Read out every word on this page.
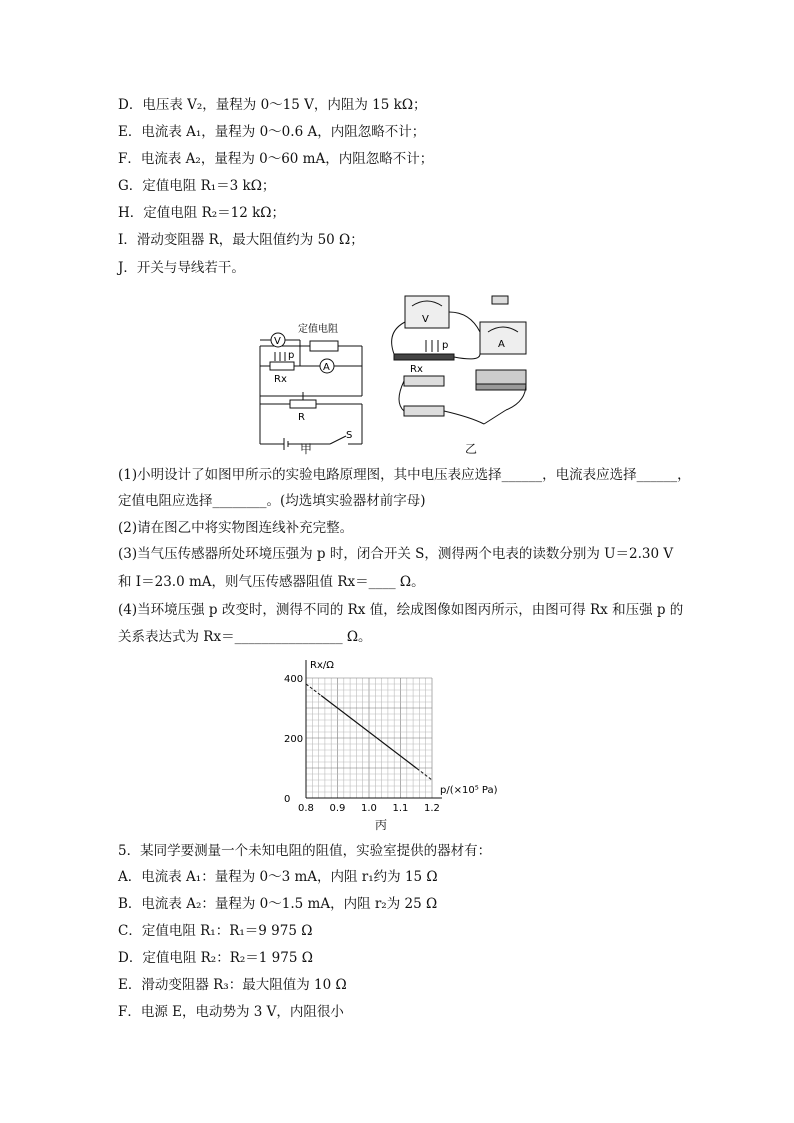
D．电压表 V₂，量程为 0～15 V，内阻为 15 kΩ；
E．电流表 A₁，量程为 0～0.6 A，内阻忽略不计；
F．电流表 A₂，量程为 0～60 mA，内阻忽略不计；
G．定值电阻 R₁＝3 kΩ；
H．定值电阻 R₂＝12 kΩ；
I．滑动变阻器 R，最大阻值约为 50 Ω；
J．开关与导线若干。
V
A
定值电阻
p
Rx
R
S
甲
V
A
p
Rx
乙
(1)小明设计了如图甲所示的实验电路原理图，其中电压表应选择______，电流表应选择______，
定值电阻应选择________。(均选填实验器材前字母)
(2)请在图乙中将实物图连线补充完整。
(3)当气压传感器所处环境压强为 p 时，闭合开关 S，测得两个电表的读数分别为 U＝2.30 V
和 I＝23.0 mA，则气压传感器阻值 Rx＝____ Ω。
(4)当环境压强 p 改变时，测得不同的 Rx 值，绘成图像如图丙所示，由图可得 Rx 和压强 p 的
关系表达式为 Rx＝________________ Ω。
0.8 0.9 1.0 1.1 1.2
0
200
400
Rx/Ω
p/(×10⁵ Pa)
丙
5．某同学要测量一个未知电阻的阻值，实验室提供的器材有：
A．电流表 A₁：量程为 0～3 mA，内阻 r₁约为 15 Ω
B．电流表 A₂：量程为 0～1.5 mA，内阻 r₂为 25 Ω
C．定值电阻 R₁：R₁＝9 975 Ω
D．定值电阻 R₂：R₂＝1 975 Ω
E．滑动变阻器 R₃：最大阻值为 10 Ω
F．电源 E，电动势为 3 V，内阻很小
